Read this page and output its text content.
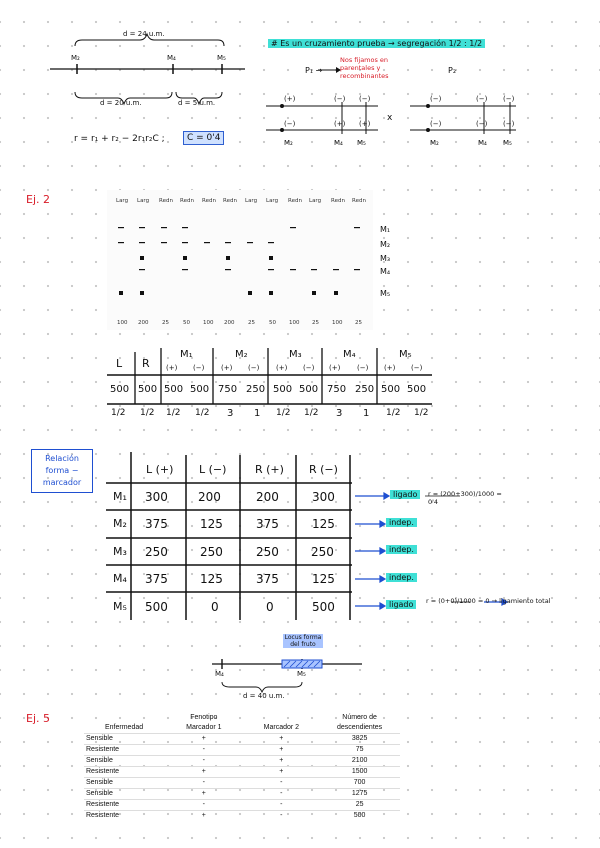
d = 24 u.m.
M₂	M₄	M₅
d = 20 u.m.	d = 5 u.m.
r = r₁ + r₂ − 2r₁r₂C ;	C = 0'4
# Es un cruzamiento prueba → segregación 1/2 : 1/2
P₁ →
Nos fijamos en parentales y recombinantes
P₂
x
(+)	(−) (−)
(−)	(+) (+)
(−)	(−) (−)
(−)	(−) (−)
M₂	M₄ M₅	M₂	M₄ M₅
Ej. 2	Larg Larg Redn Redn Redn Redn Larg Larg Redn Larg Redn Redn
100 200 25	50 100 200 25	50 100 25 100 25
M₁
M₂
M₃
M₄
M₅
L R
M₁	M₂	M₃	M₄	M₅
(+) (−) (+) (−) (+) (−) (+) (−) (+) (−)
500 500 500 500 750 250 500 500 750 250 500 500
1/2 1/2 1/2 1/2 3 1 1/2 1/2 3 1 1/2 1/2
Relación forma − marcador
L (+) L (−)	R (+) R (−)
M₁ 300	200	200	300
M₂ 375	125	375	125
M₃ 250	250	250	250
M₄ 375	125	375	125
M₅ 500	0	0	500
ligado	r = (200+300)/1000 = 0'4
indep.
indep.
indep.
ligado	r = (0+0)/1000 = 0 → ligamiento total
Locus forma del fruto
M₄	M₅
d = 40 u.m.
Ej. 5
		Fenotipo		Número de descendientes
Enfermedad	Marcador 1	Marcador 2	
Sensible	+	+	3825
Resistente	-	+	75
Sensible	-	+	2100
Resistente	+	+	1500
Sensible	-	-	700
Sensible	+	-	1275
Resistente	-	-	25
Resistente	+	-	500
